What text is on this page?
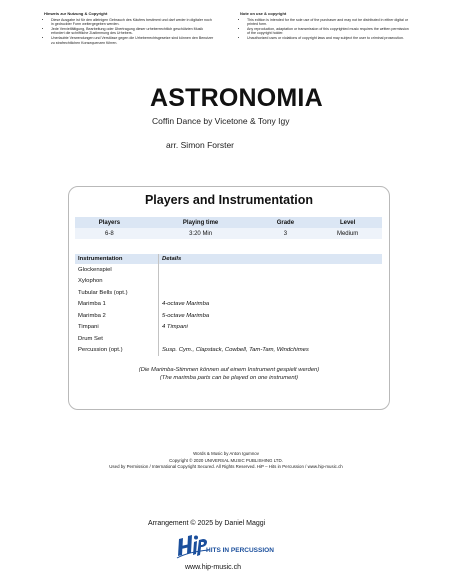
Hinweis zur Nutzung & Copyright
• Diese Ausgabe ist für den alleinigen Gebrauch des Käufers bestimmt und darf weder in digitaler noch in gedruckter Form weitergegeben werden.
• Jede Vervielfältigung, Bearbeitung oder Übertragung dieser urheberrechtlich geschützten Musik erfordert die schriftliche Zustimmung des Urhebers.
• Unerlaubte Verwendungen und Verstösse gegen die Urheberrechtsgesetze sind können den Benutzer zu strafrechtlichen Konsequenzen führen.
Note on use & copyright
• This edition is intended for the sole use of the purchaser and may not be distributed in either digital or printed form.
• Any reproduction, adaptation or transmission of this copyrighted music requires the written permission of the copyright holder.
• Unauthorized uses or violations of copyright laws and may subject the user to criminal prosecution.
ASTRONOMIA
Coffin Dance by Vicetone & Tony Igy
arr. Simon Forster
Players and Instrumentation
Players	Playing time	Grade	Level
6-8	3:20 Min	3	Medium
Instrumentation	Details
Glockenspiel	
Xylophon	
Tubular Bells (opt.)	
Marimba 1	4-octave Marimba
Marimba 2	5-octave Marimba
Timpani	4 Timpani
Drum Set	
Percussion (opt.)	Susp. Cym., Clapstack, Cowbell, Tam-Tam, Windchimes
(Die Marimba-Stimmen können auf einem Instrument gespielt werden)
(The marimba parts can be played on one instrument)
Words & Music by Anton Igumnov
Copyright © 2020 UNIVERSAL MUSIC PUBLISHING LTD.
Used by Permission / International Copyright Secured. All Rights Reserved. HiP – Hits in Percussion / www.hip-music.ch
Arrangement © 2025 by Daniel Maggi
HITS IN PERCUSSION
www.hip-music.ch
